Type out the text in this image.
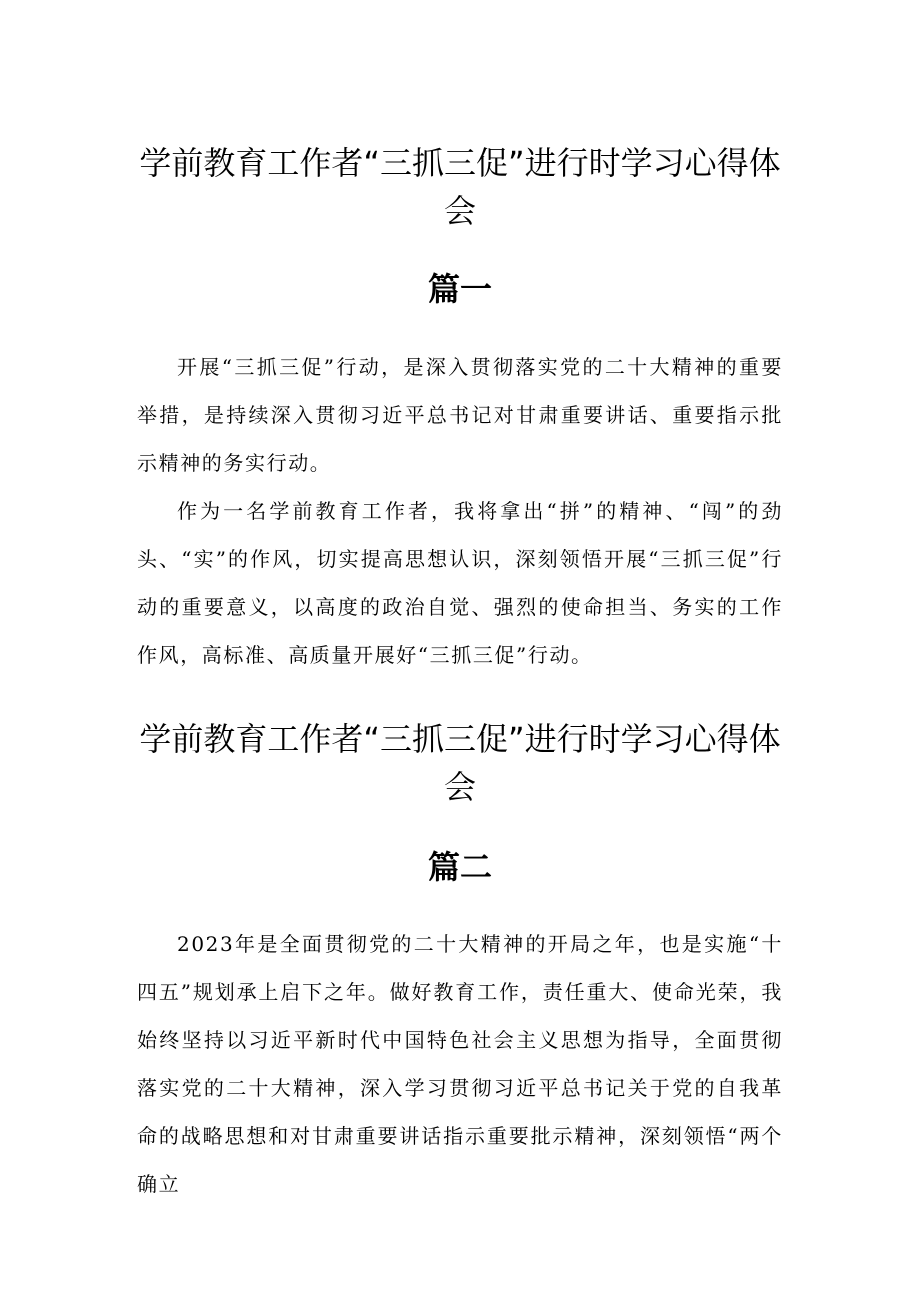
学前教育工作者“三抓三促”进行时学习心得体会
篇一

开展“三抓三促”行动，是深入贯彻落实党的二十大精神的重要举措，是持续深入贯彻习近平总书记对甘肃重要讲话、重要指示批示精神的务实行动。

作为一名学前教育工作者，我将拿出“拼”的精神、“闯”的劲头、“实”的作风，切实提高思想认识，深刻领悟开展“三抓三促”行动的重要意义，以高度的政治自觉、强烈的使命担当、务实的工作作风，高标准、高质量开展好“三抓三促”行动。

学前教育工作者“三抓三促”进行时学习心得体会
篇二

2023年是全面贯彻党的二十大精神的开局之年，也是实施“十四五”规划承上启下之年。做好教育工作，责任重大、使命光荣，我始终坚持以习近平新时代中国特色社会主义思想为指导，全面贯彻落实党的二十大精神，深入学习贯彻习近平总书记关于党的自我革命的战略思想和对甘肃重要讲话指示重要批示精神，深刻领悟“两个确立
